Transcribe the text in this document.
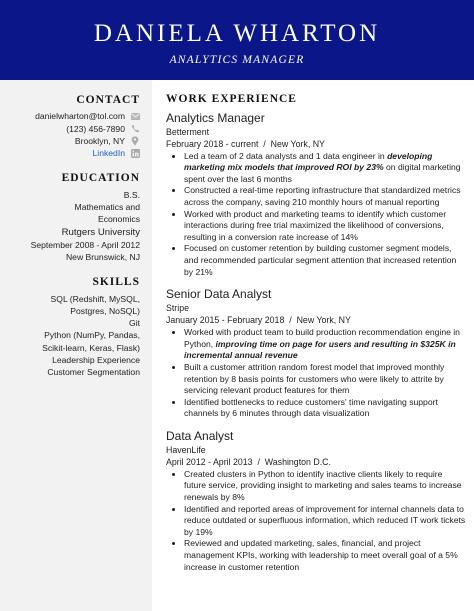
DANIELA WHARTON
ANALYTICS MANAGER
CONTACT
danielwharton@tol.com
(123) 456-7890
Brooklyn, NY
LinkedIn
EDUCATION
B.S.
Mathematics and
Economics
Rutgers University
September 2008 - April 2012
New Brunswick, NJ
SKILLS
SQL (Redshift, MySQL,
Postgres, NoSQL)
Git
Python (NumPy, Pandas,
Scikit-learn, Keras, Flask)
Leadership Experience
Customer Segmentation
WORK EXPERIENCE
Analytics Manager
Betterment
February 2018 - current  /  New York, NY
• Led a team of 2 data analysts and 1 data engineer in developing marketing mix models that improved ROI by 23% on digital marketing spent over the last 6 months
• Constructed a real-time reporting infrastructure that standardized metrics across the company, saving 210 monthly hours of manual reporting
• Worked with product and marketing teams to identify which customer interactions during free trial maximized the likelihood of conversions, resulting in a conversion rate increase of 14%
• Focused on customer retention by building customer segment models, and recommended particular segment attention that increased retention by 21%
Senior Data Analyst
Stripe
January 2015 - February 2018  /  New York, NY
• Worked with product team to build production recommendation engine in Python, improving time on page for users and resulting in $325K in incremental annual revenue
• Built a customer attrition random forest model that improved monthly retention by 8 basis points for customers who were likely to attrite by servicing relevant product features for them
• Identified bottlenecks to reduce customers' time navigating support channels by 6 minutes through data visualization
Data Analyst
HavenLife
April 2012 - April 2013  /  Washington D.C.
• Created clusters in Python to identify inactive clients likely to require future service, providing insight to marketing and sales teams to increase renewals by 8%
• Identified and reported areas of improvement for internal channels data to reduce outdated or superfluous information, which reduced IT work tickets by 19%
• Reviewed and updated marketing, sales, financial, and project management KPIs, working with leadership to meet overall goal of a 5% increase in customer retention
